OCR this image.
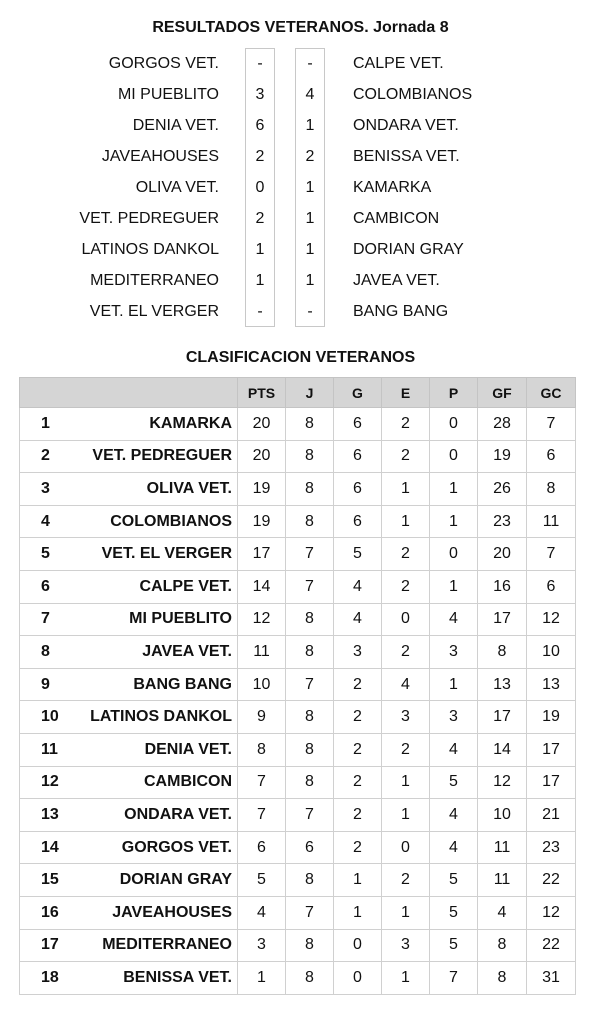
RESULTADOS VETERANOS. Jornada 8
GORGOS VET.	-	-	CALPE VET.
MI PUEBLITO	3	4	COLOMBIANOS
DENIA VET.	6	1	ONDARA VET.
JAVEAHOUSES	2	2	BENISSA VET.
OLIVA VET.	0	1	KAMARKA
VET. PEDREGUER	2	1	CAMBICON
LATINOS DANKOL	1	1	DORIAN GRAY
MEDITERRANEO	1	1	JAVEA VET.
VET. EL VERGER	-	-	BANG BANG
CLASIFICACION VETERANOS
		PTS	J	G	E	P	GF	GC
1	KAMARKA	20	8	6	2	0	28	7
2	VET. PEDREGUER	20	8	6	2	0	19	6
3	OLIVA VET.	19	8	6	1	1	26	8
4	COLOMBIANOS	19	8	6	1	1	23	11
5	VET. EL VERGER	17	7	5	2	0	20	7
6	CALPE VET.	14	7	4	2	1	16	6
7	MI PUEBLITO	12	8	4	0	4	17	12
8	JAVEA VET.	11	8	3	2	3	8	10
9	BANG BANG	10	7	2	4	1	13	13
10	LATINOS DANKOL	9	8	2	3	3	17	19
11	DENIA VET.	8	8	2	2	4	14	17
12	CAMBICON	7	8	2	1	5	12	17
13	ONDARA VET.	7	7	2	1	4	10	21
14	GORGOS VET.	6	6	2	0	4	11	23
15	DORIAN GRAY	5	8	1	2	5	11	22
16	JAVEAHOUSES	4	7	1	1	5	4	12
17	MEDITERRANEO	3	8	0	3	5	8	22
18	BENISSA VET.	1	8	0	1	7	8	31
